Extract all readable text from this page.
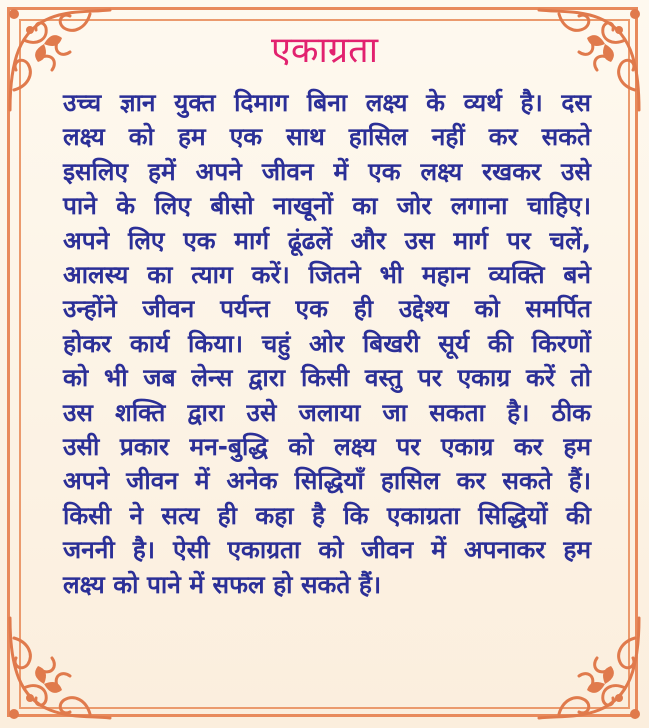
एकाग्रता
उच्च ज्ञान युक्त दिमाग बिना लक्ष्य के व्यर्थ है। दस
लक्ष्य को हम एक साथ हासिल नहीं कर सकते
इसलिए हमें अपने जीवन में एक लक्ष्य रखकर उसे
पाने के लिए बीसो नाखूनों का जोर लगाना चाहिए।
अपने लिए एक मार्ग ढूंढलें और उस मार्ग पर चलें,
आलस्य का त्याग करें। जितने भी महान व्यक्ति बने
उन्होंने जीवन पर्यन्त एक ही उद्देश्य को समर्पित
होकर कार्य किया। चहुं ओर बिखरी सूर्य की किरणों
को भी जब लेन्स द्वारा किसी वस्तु पर एकाग्र करें तो
उस शक्ति द्वारा उसे जलाया जा सकता है। ठीक
उसी प्रकार मन-बुद्धि को लक्ष्य पर एकाग्र कर हम
अपने जीवन में अनेक सिद्धियाँ हासिल कर सकते हैं।
किसी ने सत्य ही कहा है कि एकाग्रता सिद्धियों की
जननी है। ऐसी एकाग्रता को जीवन में अपनाकर हम
लक्ष्य को पाने में सफल हो सकते हैं।
